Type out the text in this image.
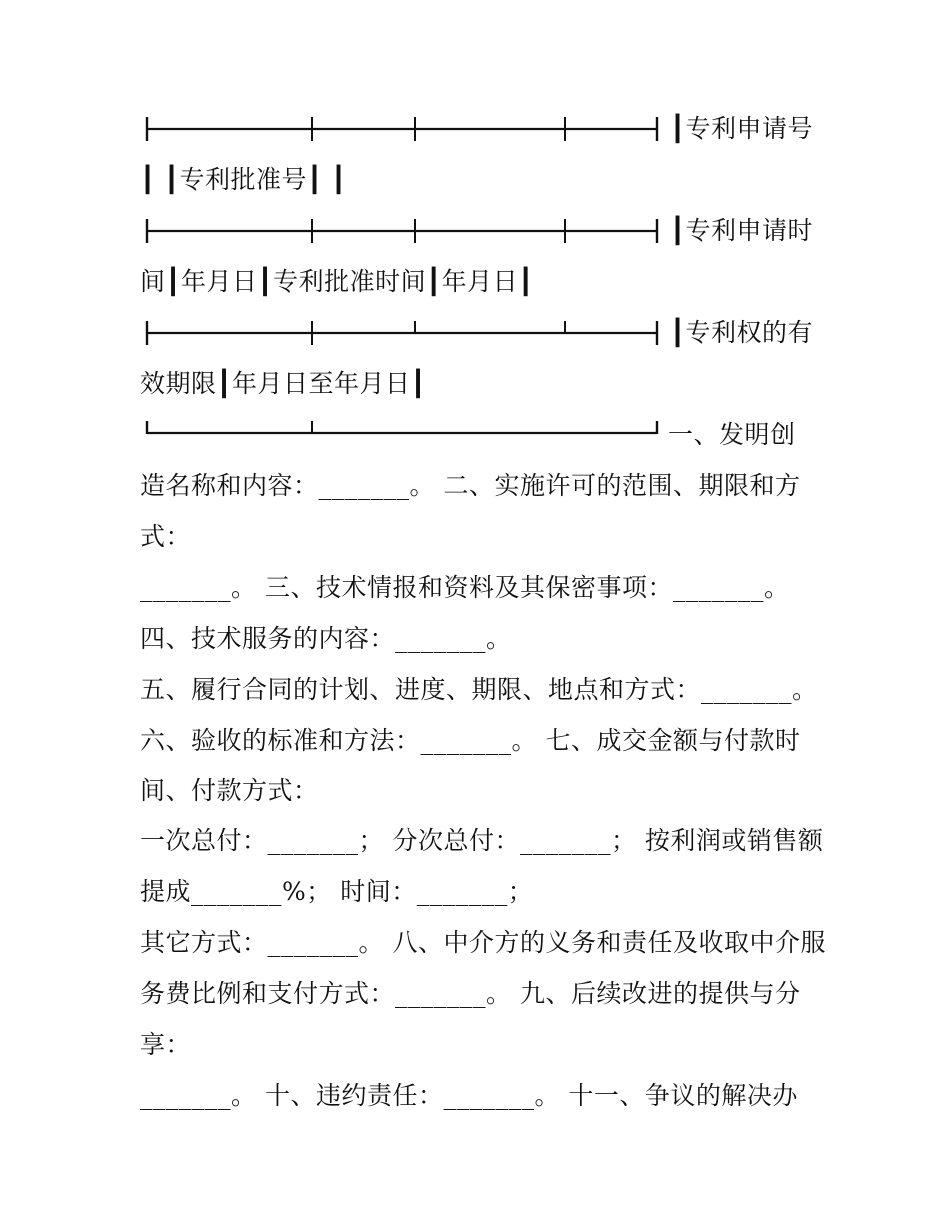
┃专利申请号
┃ ┃专利批准号┃ ┃
┃专利申请时
间┃年月日┃专利批准时间┃年月日┃
┃专利权的有
效期限┃年月日至年月日┃
一、发明创
造名称和内容：_______。 二、实施许可的范围、期限和方
式：
_______。 三、技术情报和资料及其保密事项：_______。
四、技术服务的内容：_______。
五、履行合同的计划、进度、期限、地点和方式：_______。
六、验收的标准和方法：_______。 七、成交金额与付款时
间、付款方式：
一次总付：_______； 分次总付：_______； 按利润或销售额
提成_______%； 时间：_______；
其它方式：_______。 八、中介方的义务和责任及收取中介服
务费比例和支付方式：_______。 九、后续改进的提供与分
享：
_______。 十、违约责任：_______。 十一、争议的解决办
